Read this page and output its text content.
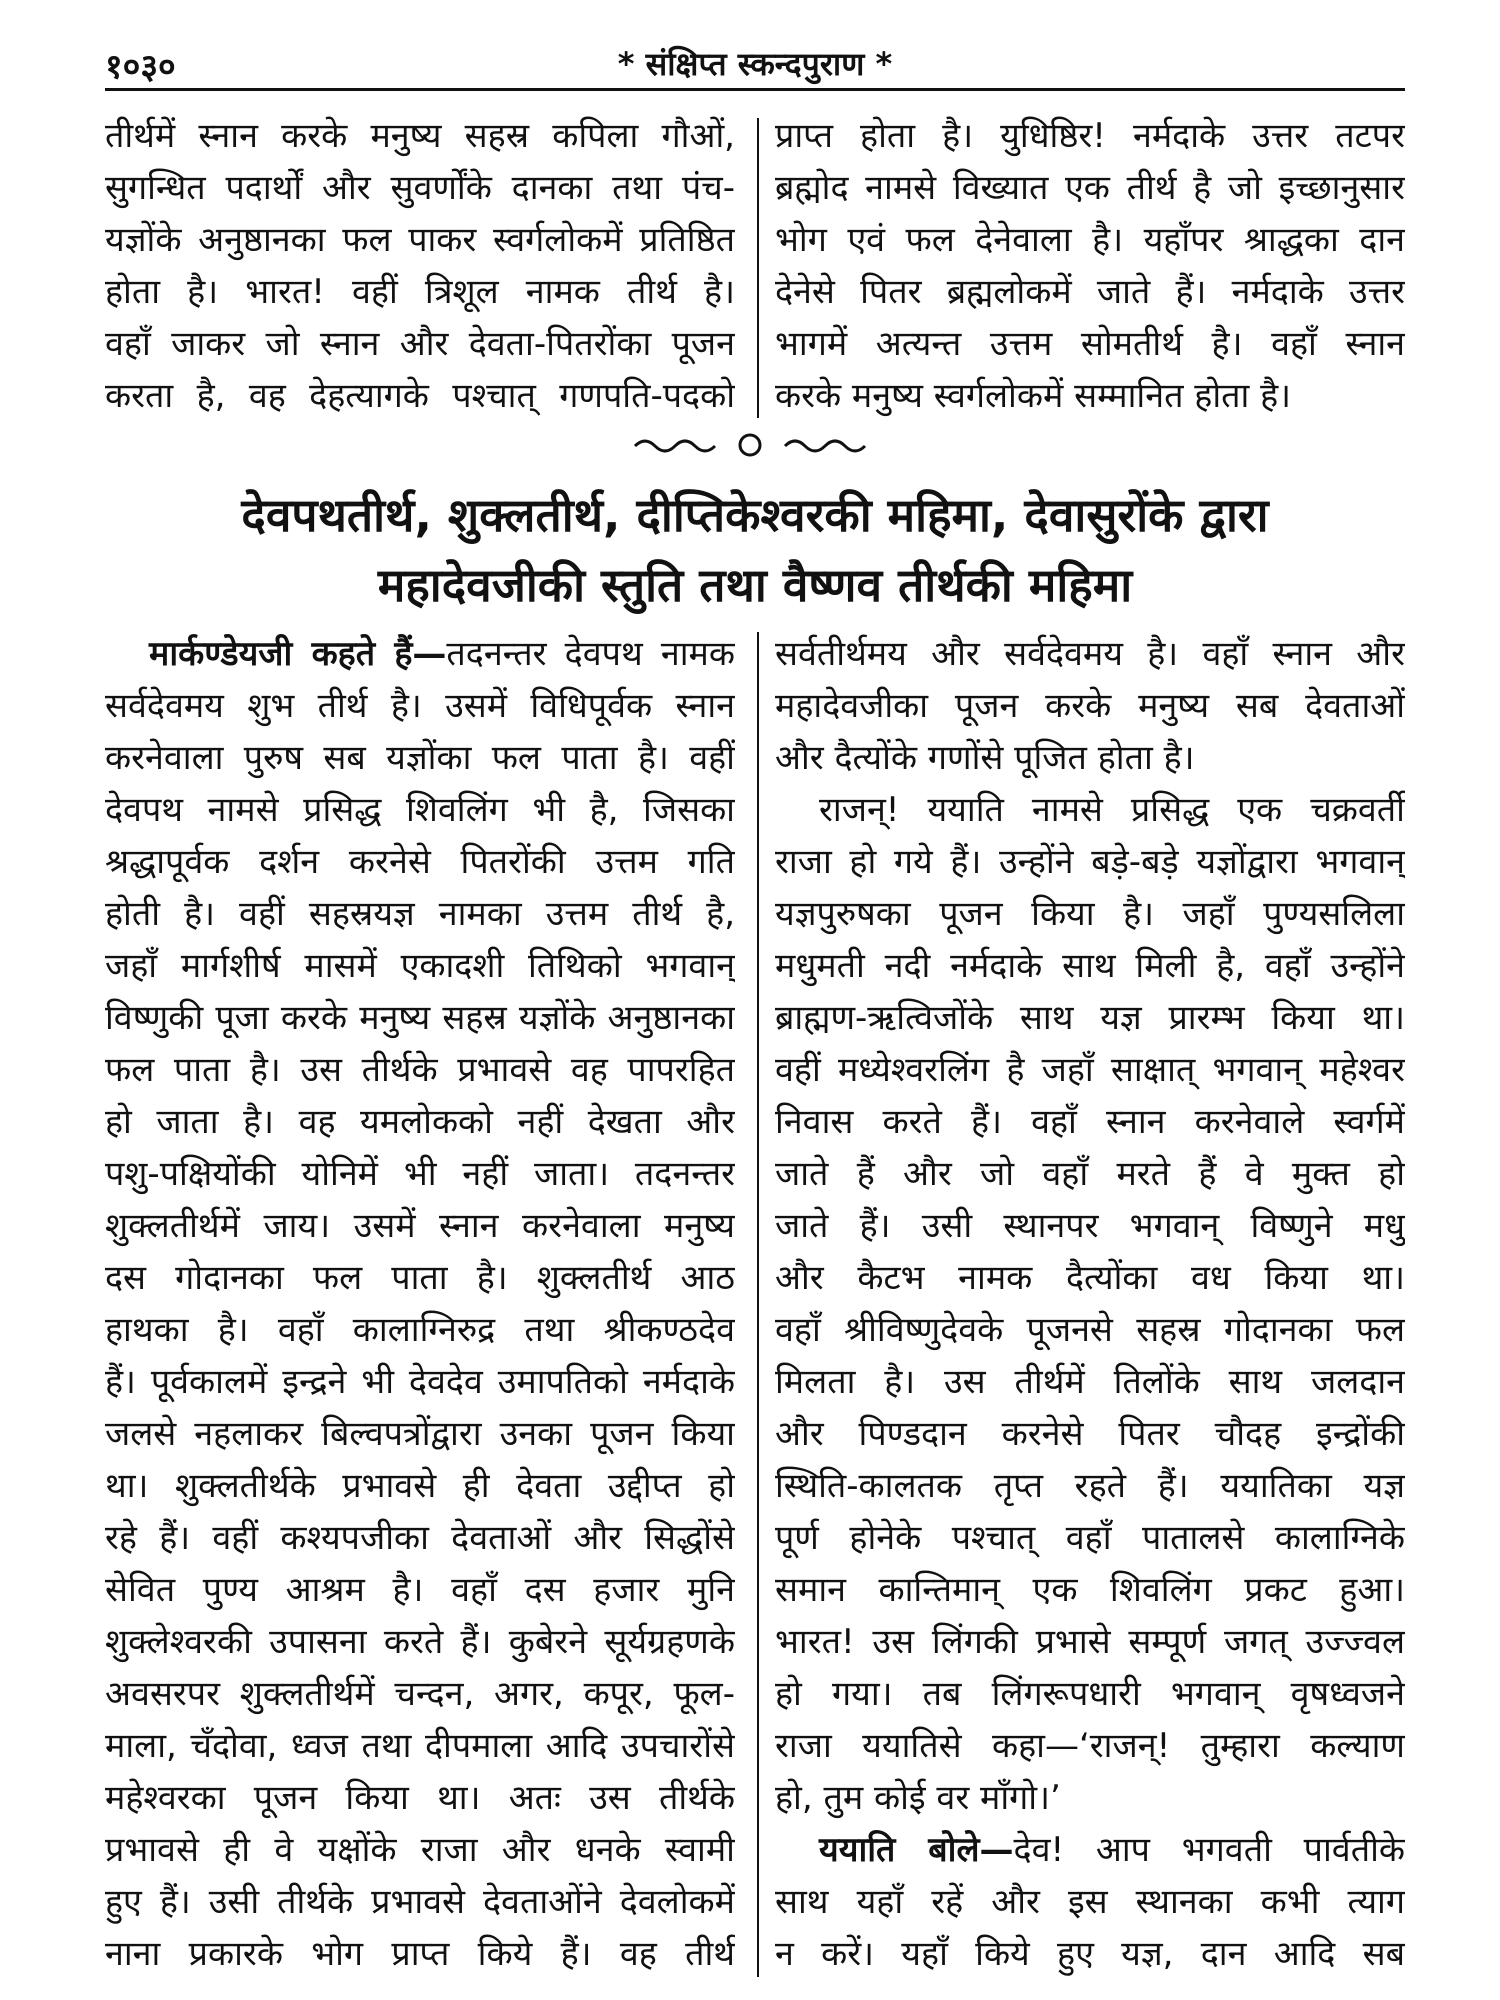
१०३०	* संक्षिप्त स्कन्दपुराण *
तीर्थमें स्नान करके मनुष्य सहस्र कपिला गौओं,
सुगन्धित पदार्थों और सुवर्णोंके दानका तथा पंच-
यज्ञोंके अनुष्ठानका फल पाकर स्वर्गलोकमें प्रतिष्ठित
होता है। भारत! वहीं त्रिशूल नामक तीर्थ है।
वहाँ जाकर जो स्नान और देवता-पितरोंका पूजन
करता है, वह देहत्यागके पश्चात् गणपति-पदको
प्राप्त होता है। युधिष्ठिर! नर्मदाके उत्तर तटपर
ब्रह्मोद नामसे विख्यात एक तीर्थ है जो इच्छानुसार
भोग एवं फल देनेवाला है। यहाँपर श्राद्धका दान
देनेसे पितर ब्रह्मलोकमें जाते हैं। नर्मदाके उत्तर
भागमें अत्यन्त उत्तम सोमतीर्थ है। वहाँ स्नान
करके मनुष्य स्वर्गलोकमें सम्मानित होता है।
देवपथतीर्थ, शुक्लतीर्थ, दीप्तिकेश्वरकी महिमा, देवासुरोंके द्वारा
महादेवजीकी स्तुति तथा वैष्णव तीर्थकी महिमा
मार्कण्डेयजी कहते हैं—तदनन्तर देवपथ नामक
सर्वदेवमय शुभ तीर्थ है। उसमें विधिपूर्वक स्नान
करनेवाला पुरुष सब यज्ञोंका फल पाता है। वहीं
देवपथ नामसे प्रसिद्ध शिवलिंग भी है, जिसका
श्रद्धापूर्वक दर्शन करनेसे पितरोंकी उत्तम गति
होती है। वहीं सहस्रयज्ञ नामका उत्तम तीर्थ है,
जहाँ मार्गशीर्ष मासमें एकादशी तिथिको भगवान्
विष्णुकी पूजा करके मनुष्य सहस्र यज्ञोंके अनुष्ठानका
फल पाता है। उस तीर्थके प्रभावसे वह पापरहित
हो जाता है। वह यमलोकको नहीं देखता और
पशु-पक्षियोंकी योनिमें भी नहीं जाता। तदनन्तर
शुक्लतीर्थमें जाय। उसमें स्नान करनेवाला मनुष्य
दस गोदानका फल पाता है। शुक्लतीर्थ आठ
हाथका है। वहाँ कालाग्निरुद्र तथा श्रीकण्ठदेव
हैं। पूर्वकालमें इन्द्रने भी देवदेव उमापतिको नर्मदाके
जलसे नहलाकर बिल्वपत्रोंद्वारा उनका पूजन किया
था। शुक्लतीर्थके प्रभावसे ही देवता उद्दीप्त हो
रहे हैं। वहीं कश्यपजीका देवताओं और सिद्धोंसे
सेवित पुण्य आश्रम है। वहाँ दस हजार मुनि
शुक्लेश्वरकी उपासना करते हैं। कुबेरने सूर्यग्रहणके
अवसरपर शुक्लतीर्थमें चन्दन, अगर, कपूर, फूल-
माला, चँदोवा, ध्वज तथा दीपमाला आदि उपचारोंसे
महेश्वरका पूजन किया था। अतः उस तीर्थके
प्रभावसे ही वे यक्षोंके राजा और धनके स्वामी
हुए हैं। उसी तीर्थके प्रभावसे देवताओंने देवलोकमें
नाना प्रकारके भोग प्राप्त किये हैं। वह तीर्थ
सर्वतीर्थमय और सर्वदेवमय है। वहाँ स्नान और
महादेवजीका पूजन करके मनुष्य सब देवताओं
और दैत्योंके गणोंसे पूजित होता है।
राजन्! ययाति नामसे प्रसिद्ध एक चक्रवर्ती
राजा हो गये हैं। उन्होंने बड़े-बड़े यज्ञोंद्वारा भगवान्
यज्ञपुरुषका पूजन किया है। जहाँ पुण्यसलिला
मधुमती नदी नर्मदाके साथ मिली है, वहाँ उन्होंने
ब्राह्मण-ऋत्विजोंके साथ यज्ञ प्रारम्भ किया था।
वहीं मध्येश्वरलिंग है जहाँ साक्षात् भगवान् महेश्वर
निवास करते हैं। वहाँ स्नान करनेवाले स्वर्गमें
जाते हैं और जो वहाँ मरते हैं वे मुक्त हो
जाते हैं। उसी स्थानपर भगवान् विष्णुने मधु
और कैटभ नामक दैत्योंका वध किया था।
वहाँ श्रीविष्णुदेवके पूजनसे सहस्र गोदानका फल
मिलता है। उस तीर्थमें तिलोंके साथ जलदान
और पिण्डदान करनेसे पितर चौदह इन्द्रोंकी
स्थिति-कालतक तृप्त रहते हैं। ययातिका यज्ञ
पूर्ण होनेके पश्चात् वहाँ पातालसे कालाग्निके
समान कान्तिमान् एक शिवलिंग प्रकट हुआ।
भारत! उस लिंगकी प्रभासे सम्पूर्ण जगत् उज्ज्वल
हो गया। तब लिंगरूपधारी भगवान् वृषध्वजने
राजा ययातिसे कहा—‘राजन्! तुम्हारा कल्याण
हो, तुम कोई वर माँगो।’
ययाति बोले—देव! आप भगवती पार्वतीके
साथ यहाँ रहें और इस स्थानका कभी त्याग
न करें। यहाँ किये हुए यज्ञ, दान आदि सब
